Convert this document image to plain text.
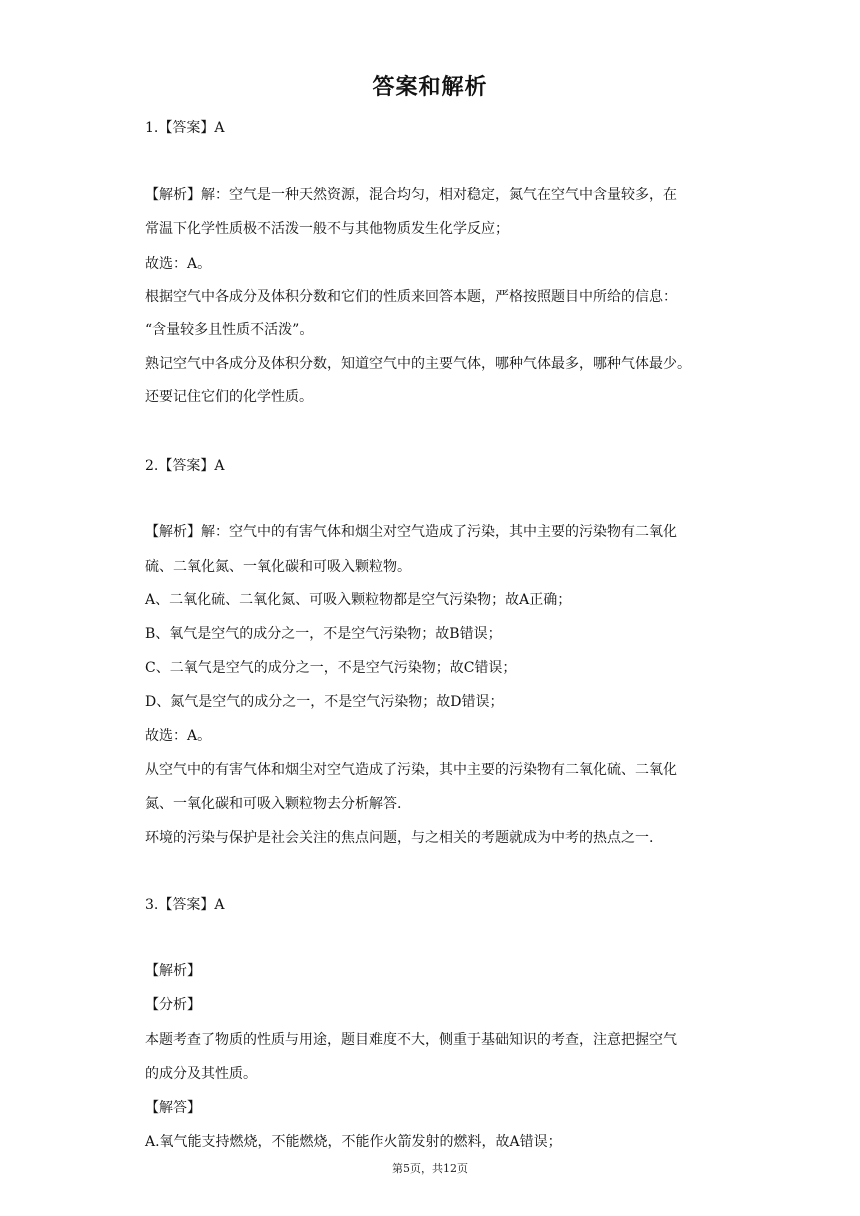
答案和解析

1.【答案】A

【解析】解：空气是一种天然资源，混合均匀，相对稳定，氮气在空气中含量较多，在

常温下化学性质极不活泼一般不与其他物质发生化学反应；

故选：A。

根据空气中各成分及体积分数和它们的性质来回答本题，严格按照题目中所给的信息：

“含量较多且性质不活泼”。

熟记空气中各成分及体积分数，知道空气中的主要气体，哪种气体最多，哪种气体最少。

还要记住它们的化学性质。

2.【答案】A

【解析】解：空气中的有害气体和烟尘对空气造成了污染，其中主要的污染物有二氧化

硫、二氧化氮、一氧化碳和可吸入颗粒物。

A、二氧化硫、二氧化氮、可吸入颗粒物都是空气污染物；故A正确；

B、氧气是空气的成分之一，不是空气污染物；故B错误；

C、二氧气是空气的成分之一，不是空气污染物；故C错误；

D、氮气是空气的成分之一，不是空气污染物；故D错误；

故选：A。

从空气中的有害气体和烟尘对空气造成了污染，其中主要的污染物有二氧化硫、二氧化

氮、一氧化碳和可吸入颗粒物去分析解答.

环境的污染与保护是社会关注的焦点问题，与之相关的考题就成为中考的热点之一.

3.【答案】A

【解析】

【分析】

本题考查了物质的性质与用途，题目难度不大，侧重于基础知识的考查，注意把握空气

的成分及其性质。

【解答】

A.氧气能支持燃烧，不能燃烧，不能作火箭发射的燃料，故A错误；

第5页，共12页
